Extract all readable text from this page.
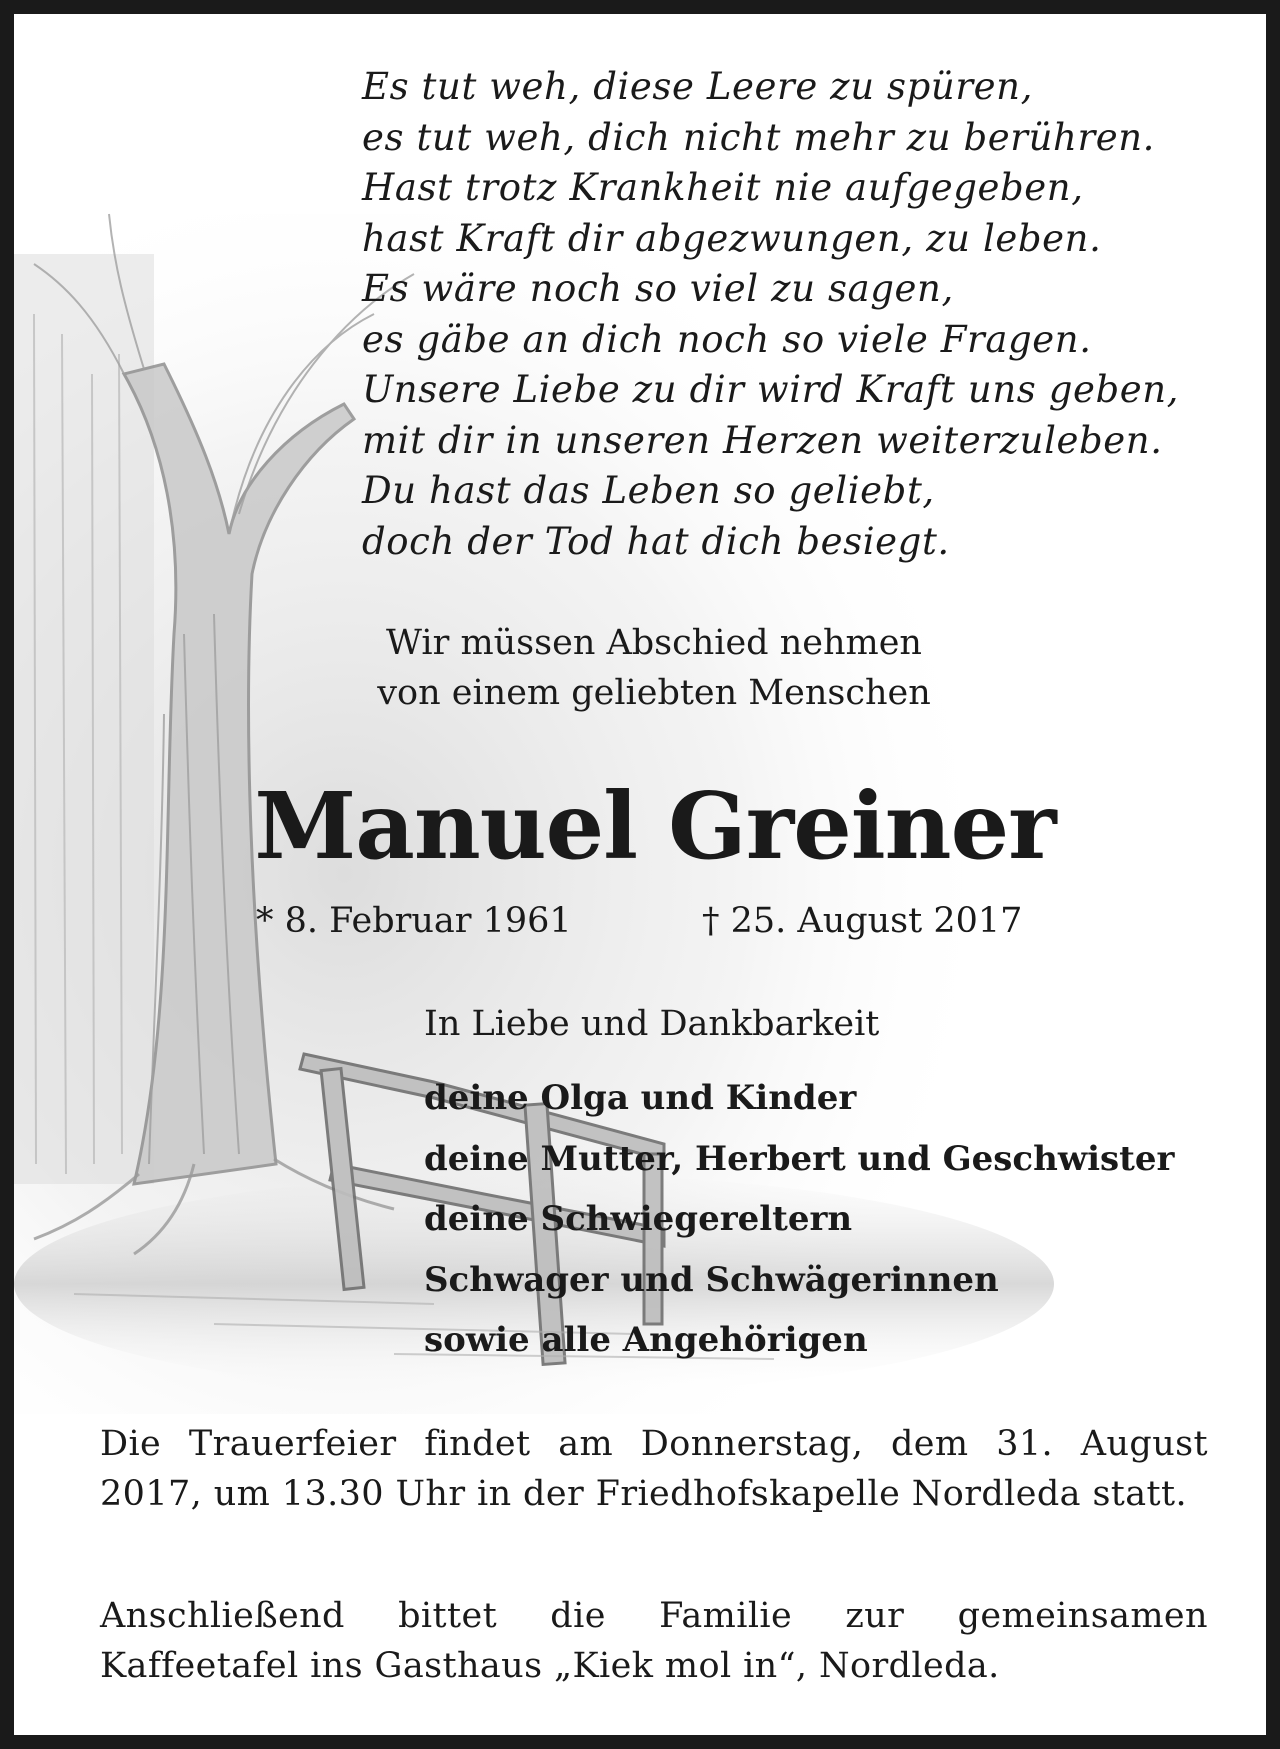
Es tut weh, diese Leere zu spüren,
es tut weh, dich nicht mehr zu berühren.
Hast trotz Krankheit nie aufgegeben,
hast Kraft dir abgezwungen, zu leben.
Es wäre noch so viel zu sagen,
es gäbe an dich noch so viele Fragen.
Unsere Liebe zu dir wird Kraft uns geben,
mit dir in unseren Herzen weiterzuleben.
Du hast das Leben so geliebt,
doch der Tod hat dich besiegt.
Wir müssen Abschied nehmen
von einem geliebten Menschen
Manuel Greiner
* 8. Februar 1961	† 25. August 2017
In Liebe und Dankbarkeit
deine Olga und Kinder
deine Mutter, Herbert und Geschwister
deine Schwiegereltern
Schwager und Schwägerinnen
sowie alle Angehörigen
Die Trauerfeier findet am Donnerstag, dem 31. August 2017, um 13.30 Uhr in der Friedhofskapelle Nordleda statt.
Anschließend bittet die Familie zur gemeinsamen Kaffeetafel ins Gasthaus „Kiek mol in“, Nordleda.
